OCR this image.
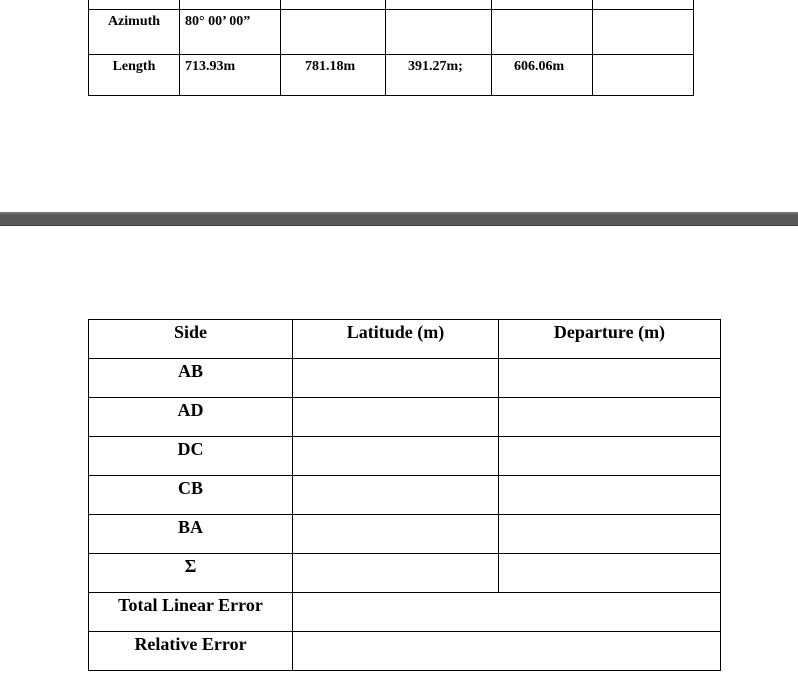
Azimuth	80° 00’ 00”				
Length	713.93m	781.18m	391.27m;	606.06m	
Side	Latitude (m)	Departure (m)
AB		
AD		
DC		
CB		
BA		
Σ		
Total Linear Error		
Relative Error		
